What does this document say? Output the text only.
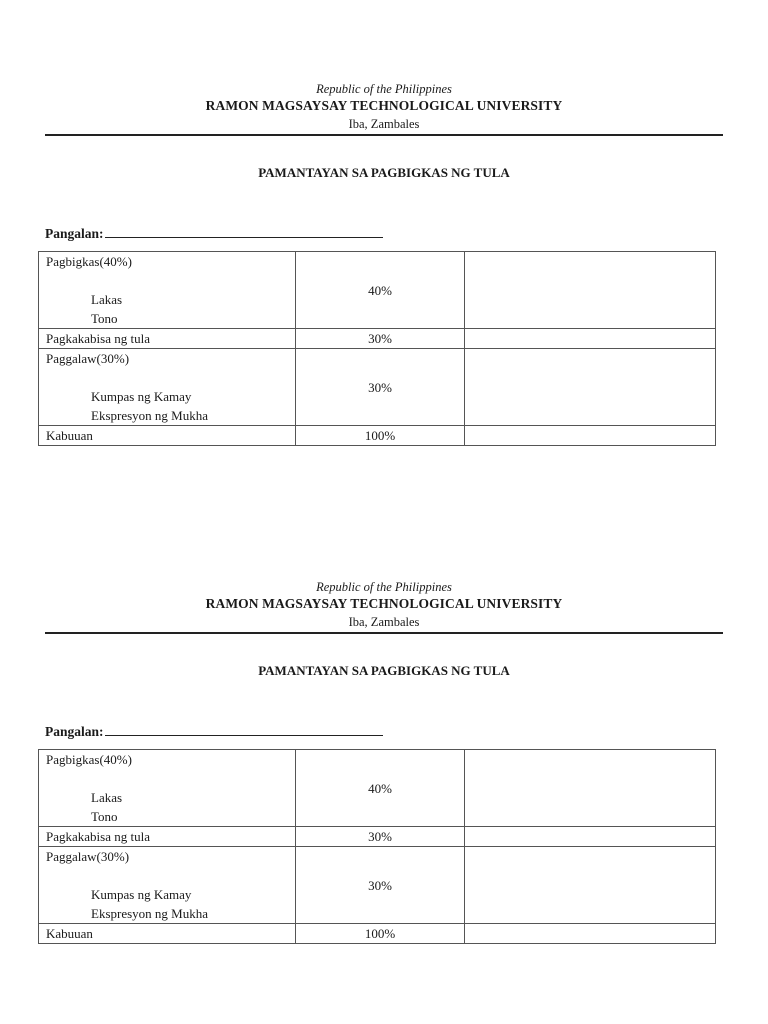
Republic of the Philippines
RAMON MAGSAYSAY TECHNOLOGICAL UNIVERSITY
Iba, Zambales
PAMANTAYAN SA PAGBIGKAS NG TULA
Pangalan:
Pagbigkas(40%)
Lakas
Tono	40%	
Pagkakabisa ng tula	30%	

Paggalaw(30%)
Kumpas ng Kamay
Ekspresyon ng Mukha	30%	
Kabuuan	100%	
Republic of the Philippines
RAMON MAGSAYSAY TECHNOLOGICAL UNIVERSITY
Iba, Zambales
PAMANTAYAN SA PAGBIGKAS NG TULA
Pangalan:
Pagbigkas(40%)
Lakas
Tono	40%	
Pagkakabisa ng tula	30%	

Paggalaw(30%)
Kumpas ng Kamay
Ekspresyon ng Mukha	30%	
Kabuuan	100%	
